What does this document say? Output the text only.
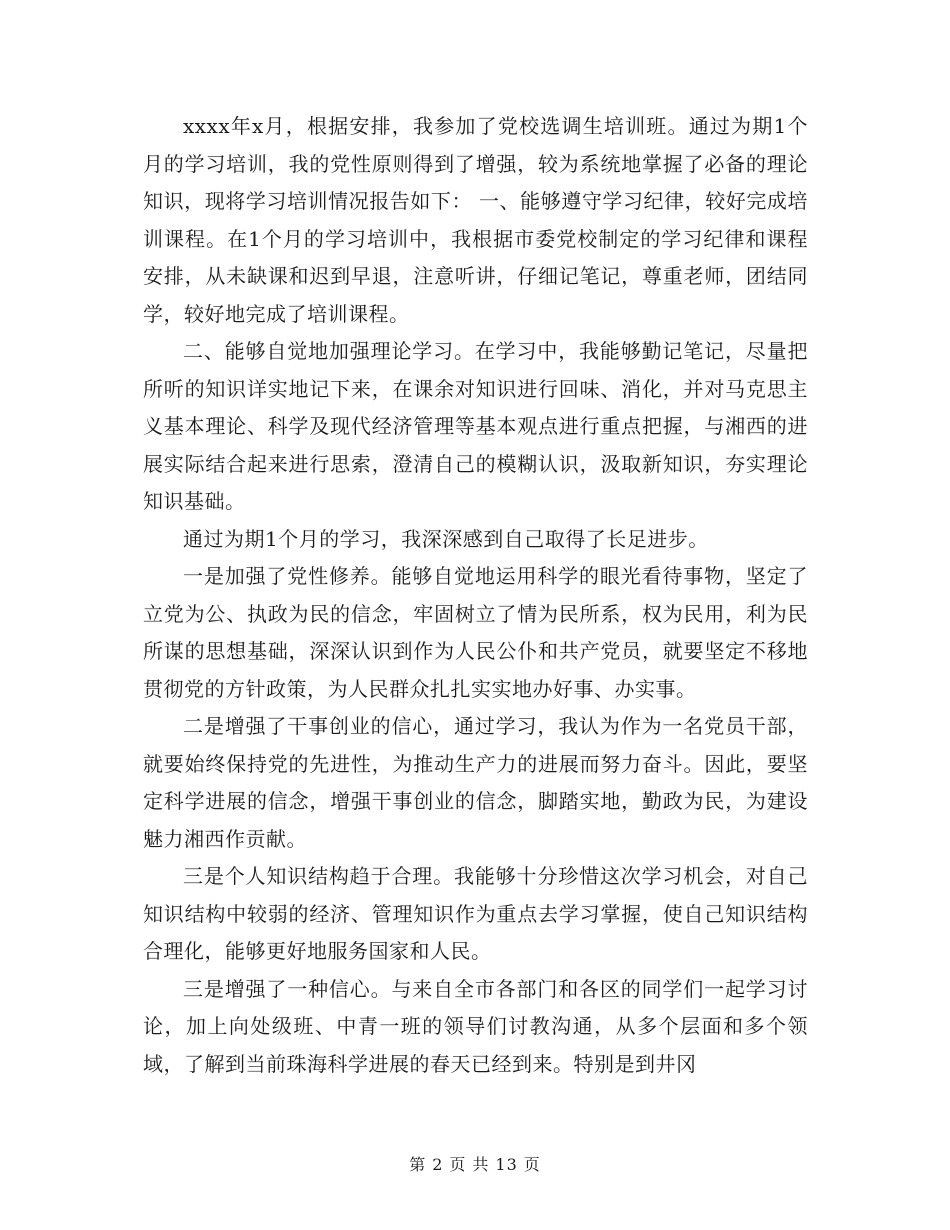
xxxx年x月，根据安排，我参加了党校选调生培训班。通过为期1个月的学习培训，我的党性原则得到了增强，较为系统地掌握了必备的理论知识，现将学习培训情况报告如下： 一、能够遵守学习纪律，较好完成培训课程。在1个月的学习培训中，我根据市委党校制定的学习纪律和课程安排，从未缺课和迟到早退，注意听讲，仔细记笔记，尊重老师，团结同学，较好地完成了培训课程。

二、能够自觉地加强理论学习。在学习中，我能够勤记笔记，尽量把所听的知识详实地记下来，在课余对知识进行回味、消化，并对马克思主义基本理论、科学及现代经济管理等基本观点进行重点把握，与湘西的进展实际结合起来进行思索，澄清自己的模糊认识，汲取新知识，夯实理论知识基础。

通过为期1个月的学习，我深深感到自己取得了长足进步。

一是加强了党性修养。能够自觉地运用科学的眼光看待事物，坚定了立党为公、执政为民的信念，牢固树立了情为民所系，权为民用，利为民所谋的思想基础，深深认识到作为人民公仆和共产党员，就要坚定不移地贯彻党的方针政策，为人民群众扎扎实实地办好事、办实事。

二是增强了干事创业的信心，通过学习，我认为作为一名党员干部，就要始终保持党的先进性，为推动生产力的进展而努力奋斗。因此，要坚定科学进展的信念，增强干事创业的信念，脚踏实地，勤政为民，为建设魅力湘西作贡献。

三是个人知识结构趋于合理。我能够十分珍惜这次学习机会，对自己知识结构中较弱的经济、管理知识作为重点去学习掌握，使自己知识结构合理化，能够更好地服务国家和人民。

三是增强了一种信心。与来自全市各部门和各区的同学们一起学习讨论，加上向处级班、中青一班的领导们讨教沟通，从多个层面和多个领域，了解到当前珠海科学进展的春天已经到来。特别是到井冈

第 2 页 共 13 页
